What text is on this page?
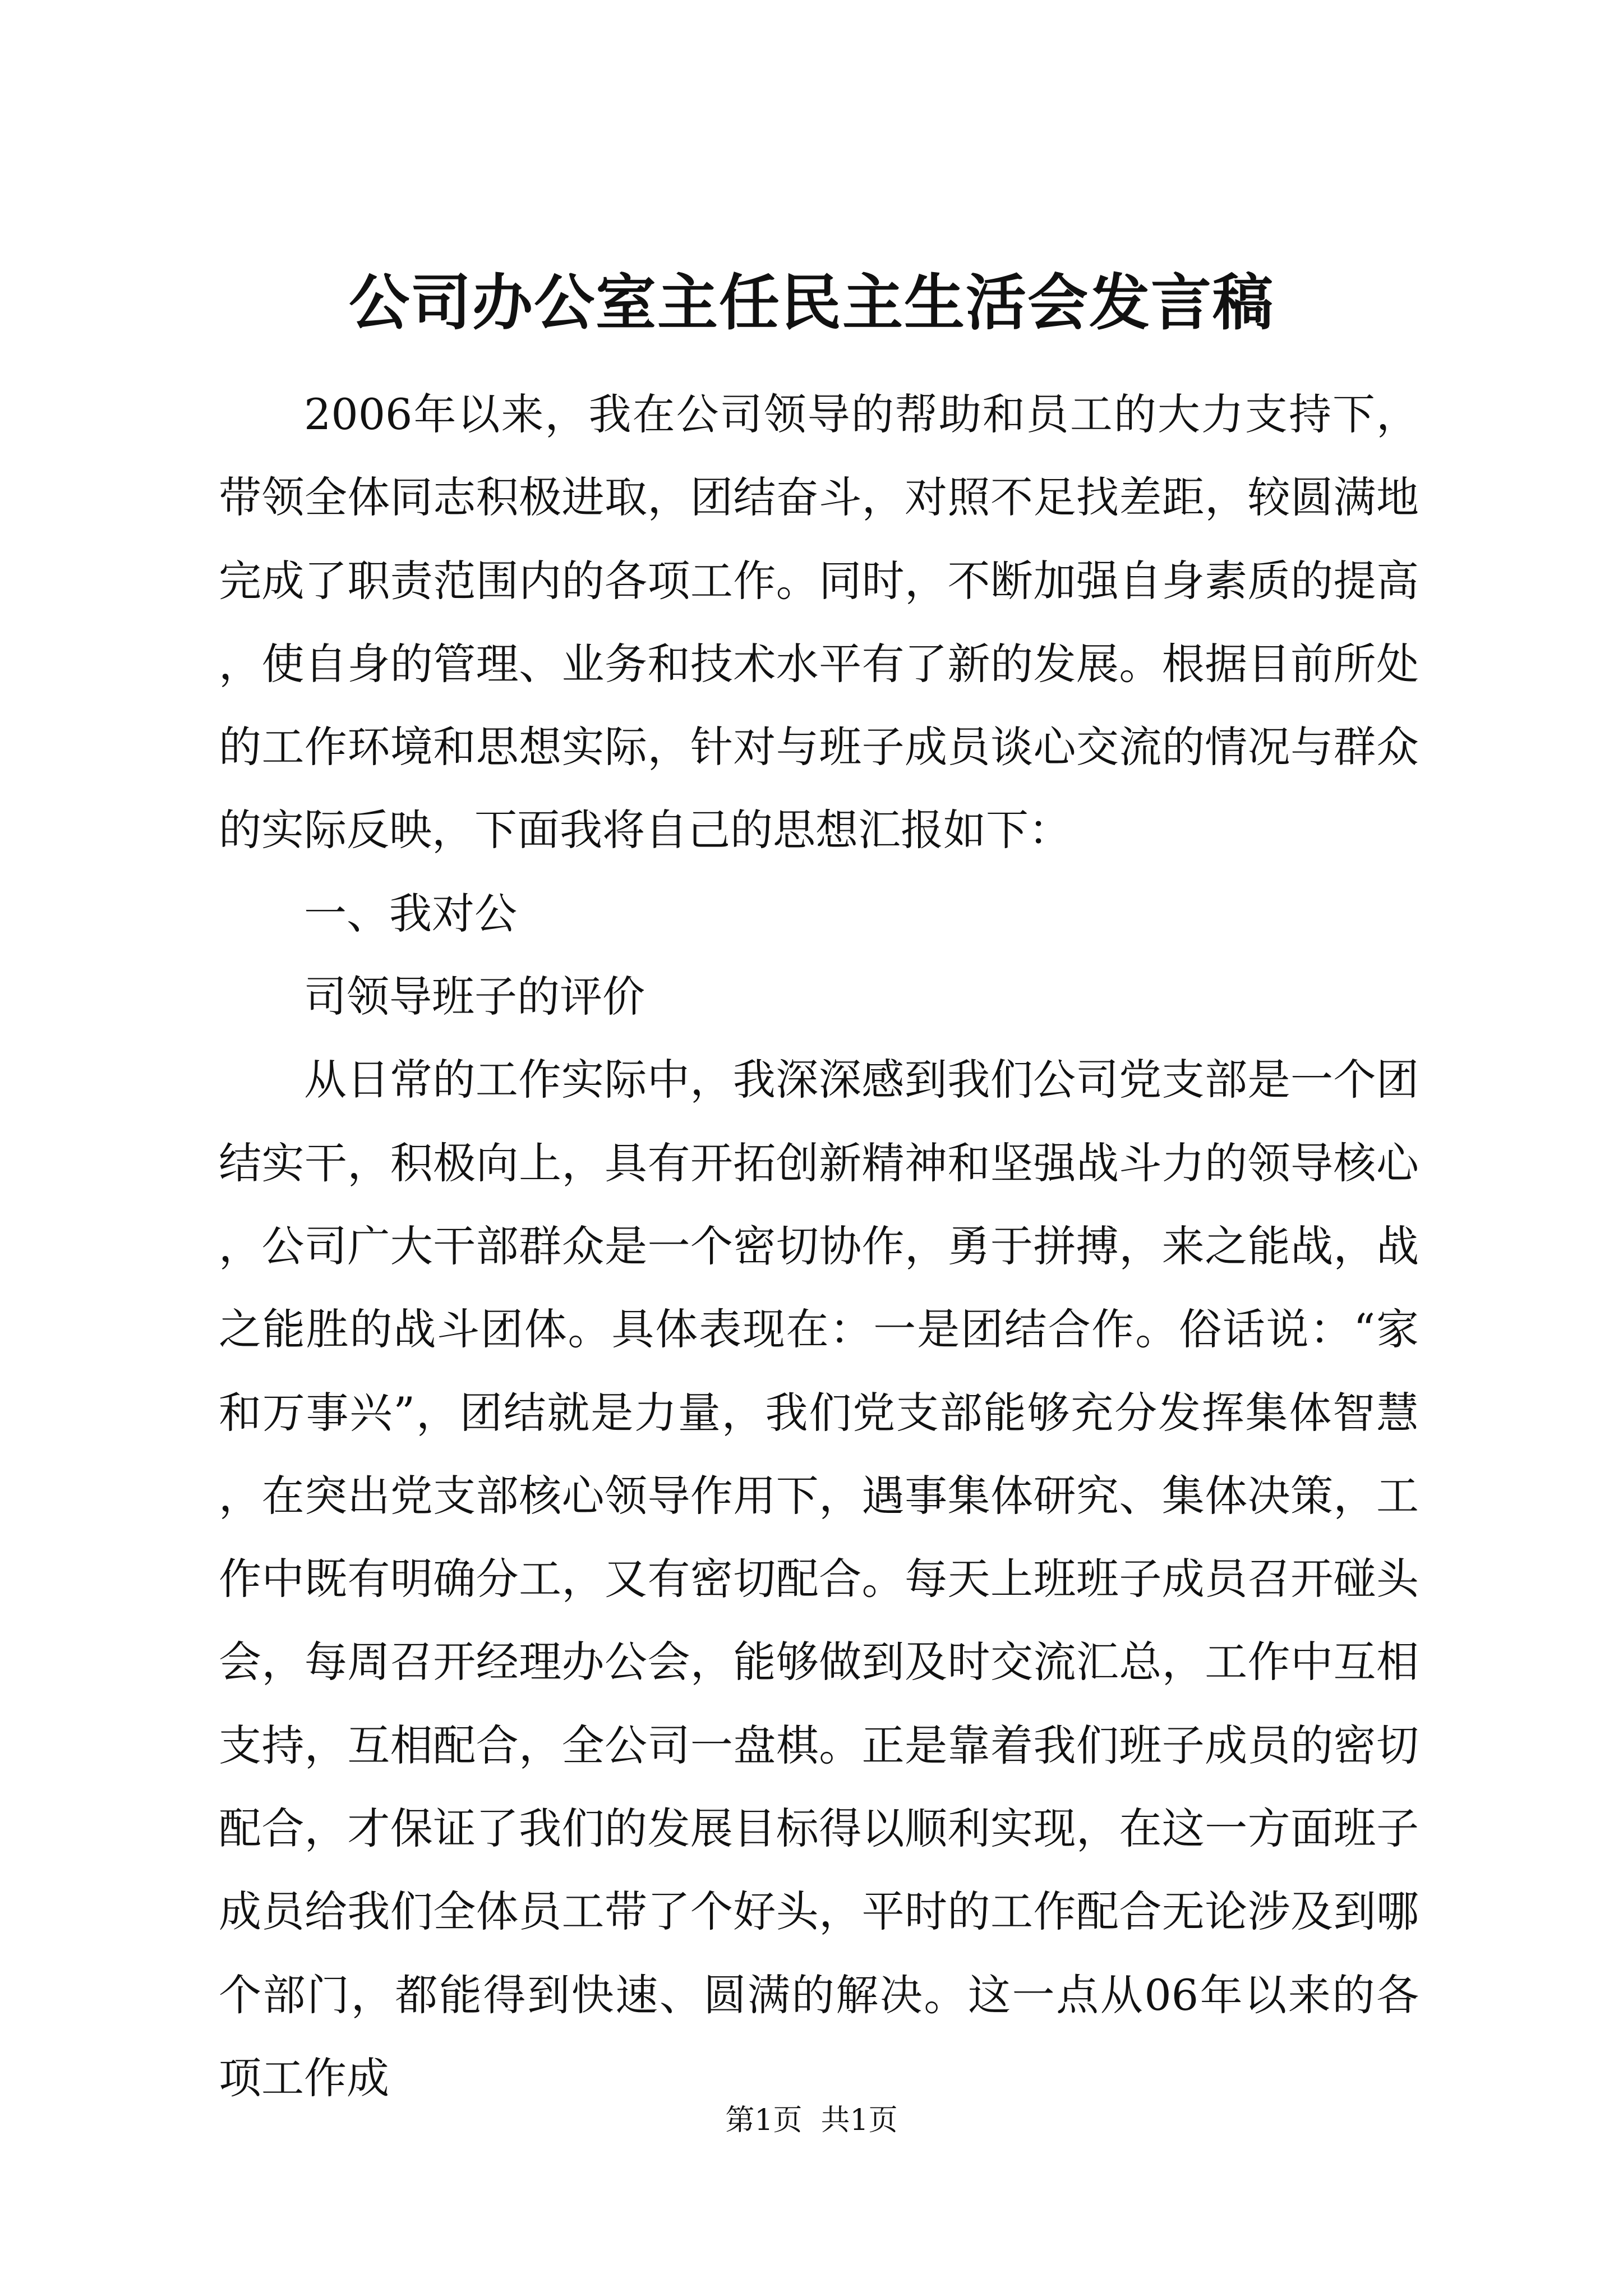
公司办公室主任民主生活会发言稿

2006年以来，我在公司领导的帮助和员工的大力支持下，带领全体同志积极进取，团结奋斗，对照不足找差距，较圆满地完成了职责范围内的各项工作。同时，不断加强自身素质的提高，使自身的管理、业务和技术水平有了新的发展。根据目前所处的工作环境和思想实际，针对与班子成员谈心交流的情况与群众的实际反映，下面我将自己的思想汇报如下：

一、我对公

司领导班子的评价

从日常的工作实际中，我深深感到我们公司党支部是一个团结实干，积极向上，具有开拓创新精神和坚强战斗力的领导核心，公司广大干部群众是一个密切协作，勇于拼搏，来之能战，战之能胜的战斗团体。具体表现在：一是团结合作。俗话说：“家和万事兴”，团结就是力量，我们党支部能够充分发挥集体智慧，在突出党支部核心领导作用下，遇事集体研究、集体决策，工作中既有明确分工，又有密切配合。每天上班班子成员召开碰头会，每周召开经理办公会，能够做到及时交流汇总，工作中互相支持，互相配合，全公司一盘棋。正是靠着我们班子成员的密切配合，才保证了我们的发展目标得以顺利实现，在这一方面班子成员给我们全体员工带了个好头，平时的工作配合无论涉及到哪个部门，都能得到快速、圆满的解决。这一点从06年以来的各项工作成

第1页 共1页
